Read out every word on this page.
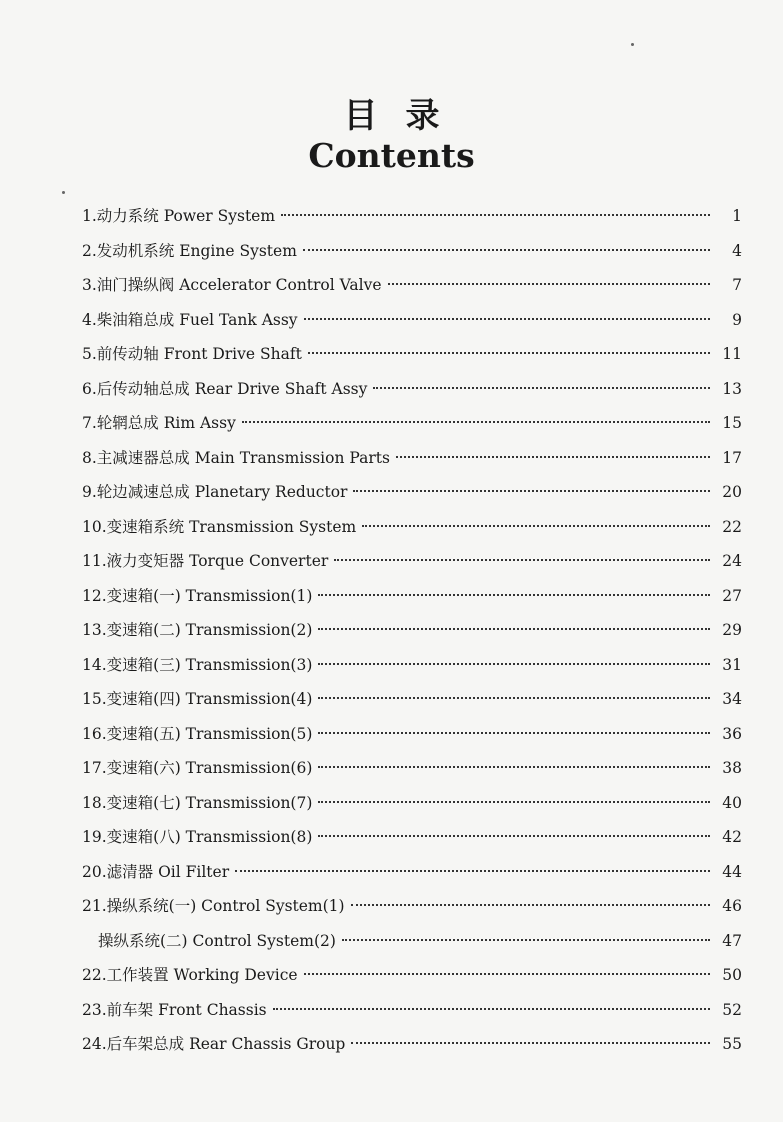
目录
Contents
1.动力系统 Power System	1
2.发动机系统 Engine System	4
3.油门操纵阀 Accelerator Control Valve	7
4.柴油箱总成 Fuel Tank Assy	9
5.前传动轴 Front Drive Shaft	11
6.后传动轴总成 Rear Drive Shaft Assy	13
7.轮辋总成 Rim Assy	15
8.主减速器总成 Main Transmission Parts	17
9.轮边减速总成 Planetary Reductor	20
10.变速箱系统 Transmission System	22
11.液力变矩器 Torque Converter	24
12.变速箱(一) Transmission(1)	27
13.变速箱(二) Transmission(2)	29
14.变速箱(三) Transmission(3)	31
15.变速箱(四) Transmission(4)	34
16.变速箱(五) Transmission(5)	36
17.变速箱(六) Transmission(6)	38
18.变速箱(七) Transmission(7)	40
19.变速箱(八) Transmission(8)	42
20.滤清器 Oil Filter	44
21.操纵系统(一) Control System(1)	46
操纵系统(二) Control System(2)	47
22.工作装置 Working Device	50
23.前车架 Front Chassis	52
24.后车架总成 Rear Chassis Group	55
